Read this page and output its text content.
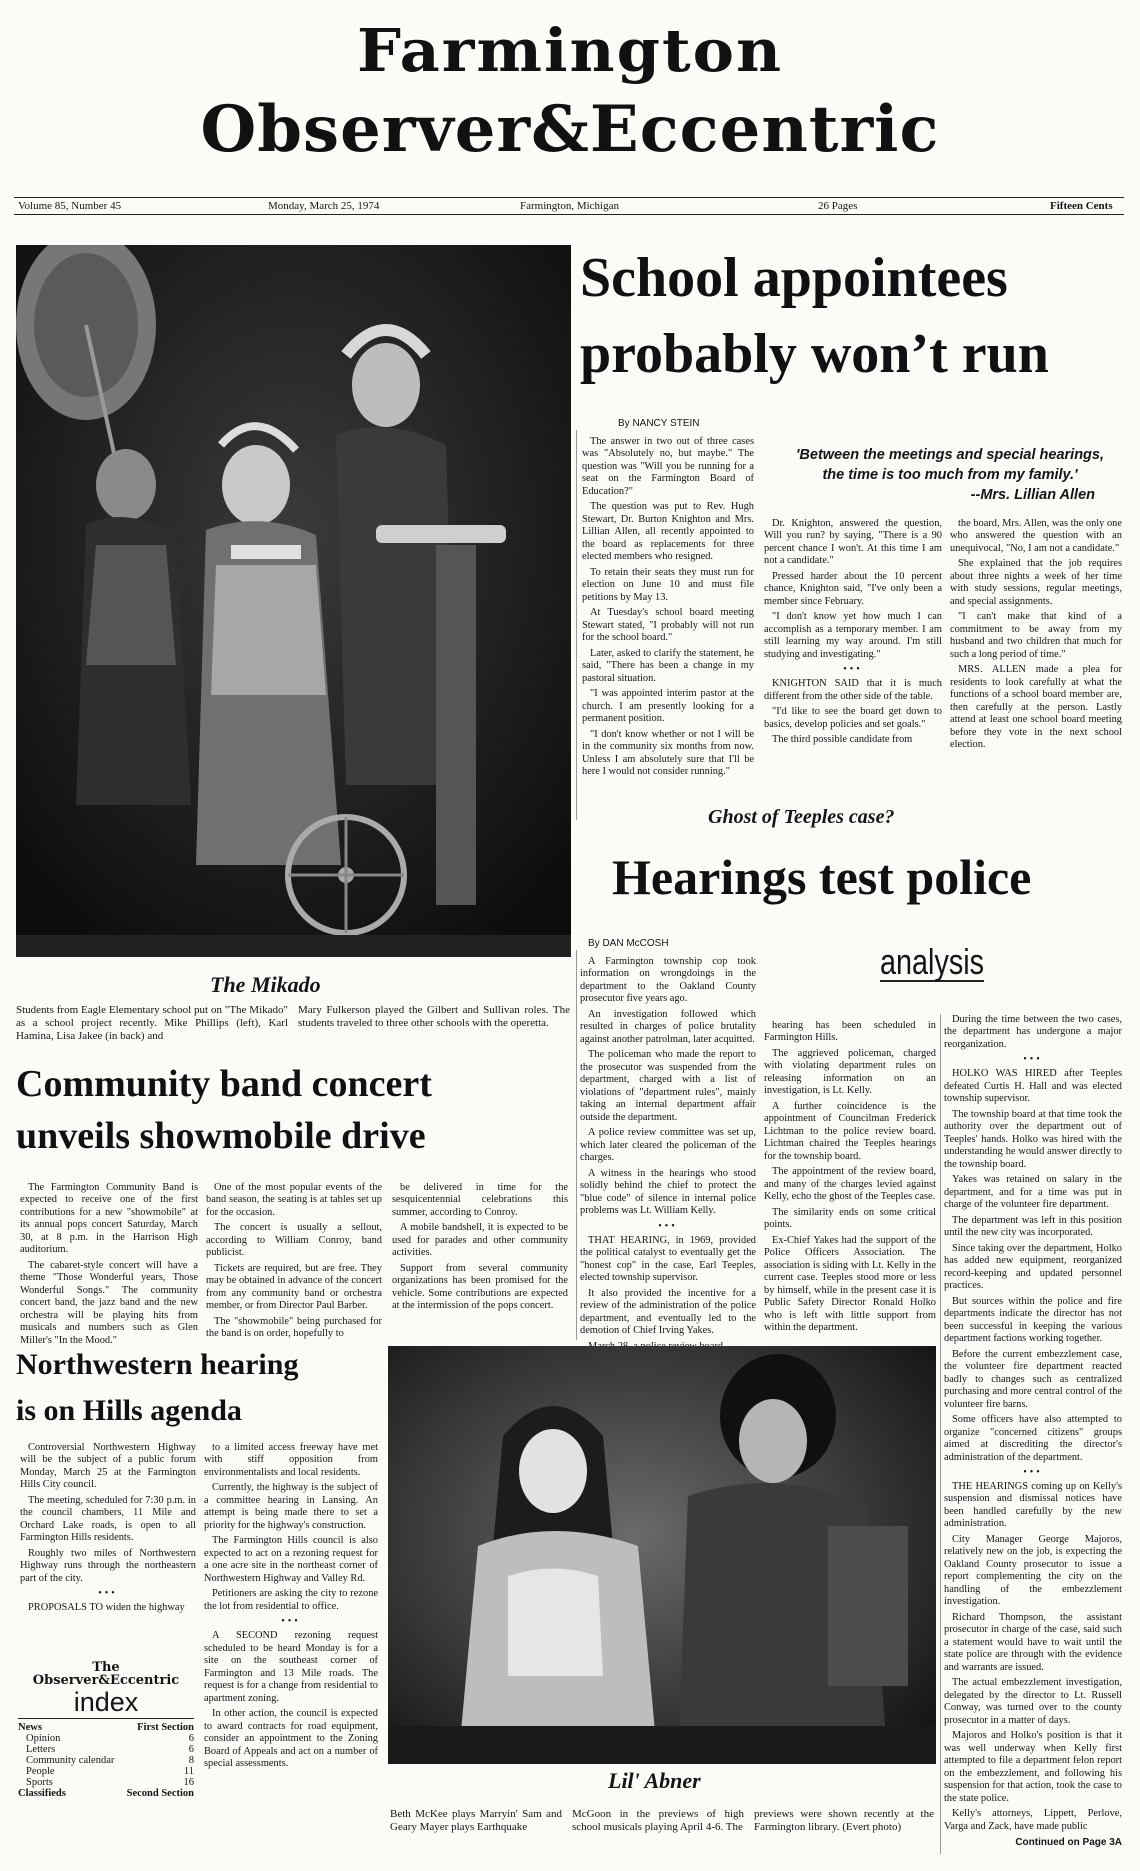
Farmington
Observer&Eccentric
Volume 85, Number 45	Monday, March 25, 1974	Farmington, Michigan	26 Pages	Fifteen Cents
The Mikado
Students from Eagle Elementary school put on "The Mikado" as a school project recently. Mike Phillips (left), Karl Hamina, Lisa Jakee (in back) and
Mary Fulkerson played the Gilbert and Sullivan roles. The students traveled to three other schools with the operetta.
School appointees
probably won’t run
By NANCY STEIN

The answer in two out of three cases was "Absolutely no, but maybe." The question was "Will you be running for a seat on the Farmington Board of Education?"

The question was put to Rev. Hugh Stewart, Dr. Burton Knighton and Mrs. Lillian Allen, all recently appointed to the board as replacements for three elected members who resigned.

To retain their seats they must run for election on June 10 and must file petitions by May 13.

At Tuesday's school board meeting Stewart stated, "I probably will not run for the school board."

Later, asked to clarify the statement, he said, "There has been a change in my pastoral situation.

"I was appointed interim pastor at the church. I am presently looking for a permanent position.

"I don't know whether or not I will be in the community six months from now. Unless I am absolutely sure that I'll be here I would not consider running."

'Between the meetings and special hearings, the time is too much from my family.'
--Mrs. Lillian Allen

Dr. Knighton, answered the question, Will you run? by saying, "There is a 90 percent chance I won't. At this time I am not a candidate."

Pressed harder about the 10 percent chance, Knighton said, "I've only been a member since February.

"I don't know yet how much I can accomplish as a temporary member. I am still learning my way around. I'm still studying and investigating."

•••

KNIGHTON SAID that it is much different from the other side of the table.

"I'd like to see the board get down to basics, develop policies and set goals."

The third possible candidate from

the board, Mrs. Allen, was the only one who answered the question with an unequivocal, "No, I am not a candidate."

She explained that the job requires about three nights a week of her time with study sessions, regular meetings, and special assignments.

"I can't make that kind of a commitment to be away from my husband and two children that much for such a long period of time."

MRS. ALLEN made a plea for residents to look carefully at what the functions of a school board member are, then carefully at the person. Lastly attend at least one school board meeting before they vote in the next school election.

Ghost of Teeples case?
Hearings test police
By DAN McCOSH	analysis

A Farmington township cop took information on wrongdoings in the department to the Oakland County prosecutor five years ago.

An investigation followed which resulted in charges of police brutality against another patrolman, later acquitted.

The policeman who made the report to the prosecutor was suspended from the department, charged with a list of violations of "department rules", mainly taking an internal department affair outside the department.

A police review committee was set up, which later cleared the policeman of the charges.

A witness in the hearings who stood solidly behind the chief to protect the "blue code" of silence in internal police problems was Lt. William Kelly.

•••

THAT HEARING, in 1969, provided the political catalyst to eventually get the "honest cop" in the case, Earl Teeples, elected township supervisor.

It also provided the incentive for a review of the administration of the police department, and eventually led to the demotion of Chief Irving Yakes.

hearing has been scheduled in Farmington Hills.

The aggrieved policeman, charged with violating department rules on releasing information on an investigation, is Lt. Kelly.

A further coincidence is the appointment of Councilman Frederick Lichtman to the police review board. Lichtman chaired the Teeples hearings for the township board.

The appointment of the review board, and many of the charges levied against Kelly, echo the ghost of the Teeples case.

The similarity ends on some critical points.

Ex-Chief Yakes had the support of the Police Officers Association. The association is siding with Lt. Kelly in the current case. Teeples stood more or less by himself, while in the present case it is Public Safety Director Ronald Holko who is left with little support from within the department.

During the time between the two cases, the department has undergone a major reorganization.

•••

HOLKO WAS HIRED after Teeples defeated Curtis H. Hall and was elected township supervisor.

The township board at that time took the authority over the department out of Teeples' hands. Holko was hired with the understanding he would answer directly to the township board.

Yakes was retained on salary in the department, and for a time was put in charge of the volunteer fire department.

The department was left in this position until the new city was incorporated.

Since taking over the department, Holko has added new equipment, reorganized record-keeping and updated personnel practices.

But sources within the police and fire departments indicate the director has not been successful in keeping the various department factions working together.

Before the current embezzlement case, the volunteer fire department reacted badly to changes such as centralized purchasing and more central control of the volunteer fire barns.

Some officers have also attempted to organize "concerned citizens" groups aimed at discrediting the director's administration of the department.

•••

THE HEARINGS coming up on Kelly's suspension and dismissal notices have been handled carefully by the new administration.

City Manager George Majoros, relatively new on the job, is expecting the Oakland County prosecutor to issue a report complementing the city on the handling of the embezzlement investigation.

Richard Thompson, the assistant prosecutor in charge of the case, said such a statement would have to wait until the state police are through with the evidence and warrants are issued.

The actual embezzlement investigation, delegated by the director to Lt. Russell Conway, was turned over to the county prosecutor in a matter of days.

Majoros and Holko's position is that it was well underway when Kelly first attempted to file a department felon report on the embezzlement, and following his suspension for that action, took the case to the state police.

Kelly's attorneys, Lippett, Perlove, Varga and Zack, have made public

Continued on Page 3A
Community band concert
unveils showmobile drive

The Farmington Community Band is expected to receive one of the first contributions for a new "showmobile" at its annual pops concert Saturday, March 30, at 8 p.m. in the Harrison High auditorium.

The cabaret-style concert will have a theme "Those Wonderful years, Those Wonderful Songs." The community concert band, the jazz band and the new orchestra will be playing hits from musicals and numbers such as Glen Miller's "In the Mood."

One of the most popular events of the band season, the seating is at tables set up for the occasion.

The concert is usually a sellout, according to William Conroy, band publicist.

Tickets are required, but are free. They may be obtained in advance of the concert from any community band or orchestra member, or from Director Paul Barber.

The "showmobile" being purchased for the band is on order, hopefully to

be delivered in time for the sesquicentennial celebrations this summer, according to Conroy.

A mobile bandshell, it is expected to be used for parades and other community activities.

Support from several community organizations has been promised for the vehicle. Some contributions are expected at the intermission of the pops concert.

Northwestern hearing
is on Hills agenda

Controversial Northwestern Highway will be the subject of a public forum Monday, March 25 at the Farmington Hills City council.

The meeting, scheduled for 7:30 p.m. in the council chambers, 11 Mile and Orchard Lake roads, is open to all Farmington Hills residents.

Roughly two miles of Northwestern Highway runs through the northeastern part of the city.

•••

PROPOSALS TO widen the highway

to a limited access freeway have met with stiff opposition from environmentalists and local residents.

Currently, the highway is the subject of a committee hearing in Lansing. An attempt is being made there to set a priority for the highway's construction.

The Farmington Hills council is also expected to act on a rezoning request for a one acre site in the northeast corner of Northwestern Highway and Valley Rd.

Petitioners are asking the city to rezone the lot from residential to office.

•••

A SECOND rezoning request scheduled to be heard Monday is for a site on the southeast corner of Farmington and 13 Mile roads. The request is for a change from residential to apartment zoning.

In other action, the council is expected to award contracts for road equipment, consider an appointment to the Zoning Board of Appeals and act on a number of special assessments.

The
Observer&Eccentric
index
News	First Section
Opinion	6
Letters	6
Community calendar	8
People	11
Sports	16
Classifieds	Second Section
Lil' Abner
Beth McKee plays Marryin' Sam and Geary Mayer plays Earthquake
McGoon in the previews of high school musicals playing April 4-6. The
previews were shown recently at the Farmington library. (Evert photo)
